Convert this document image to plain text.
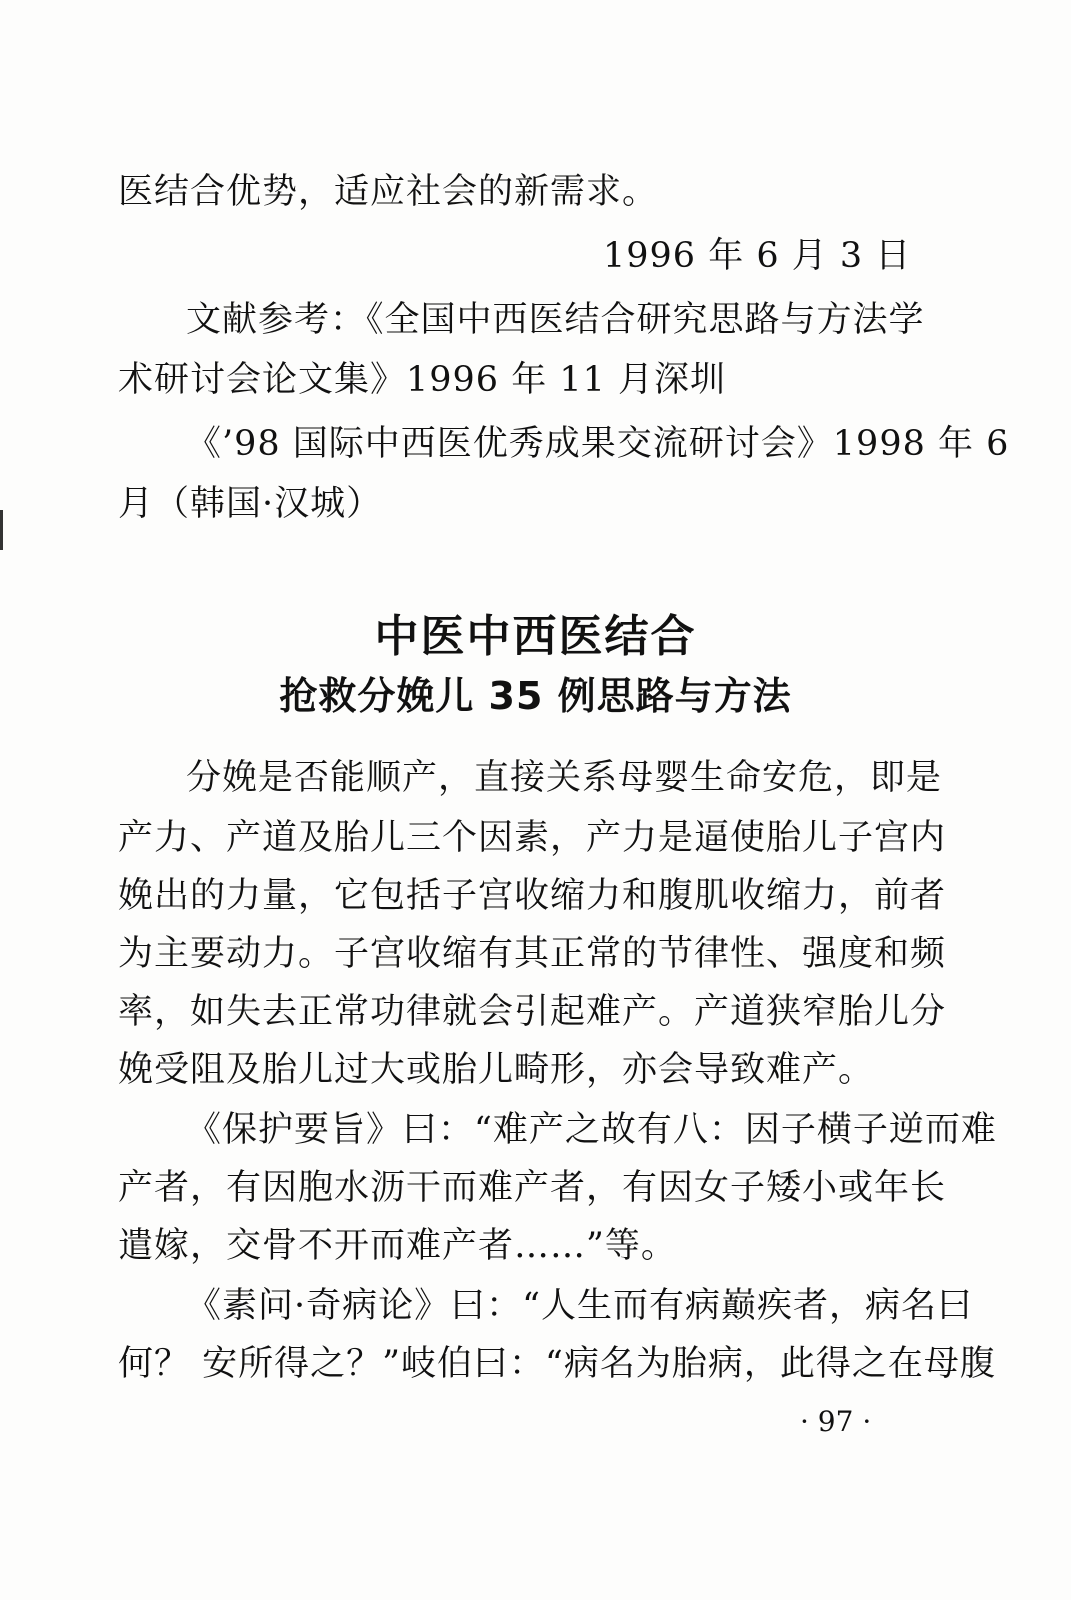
医结合优势，适应社会的新需求。
1996 年 6 月 3 日
文献参考：《全国中西医结合研究思路与方法学
术研讨会论文集》1996 年 11 月深圳
《’98 国际中西医优秀成果交流研讨会》1998 年 6
月（韩国·汉城）
中医中西医结合
抢救分娩儿 35 例思路与方法
分娩是否能顺产，直接关系母婴生命安危，即是
产力、产道及胎儿三个因素，产力是逼使胎儿子宫内
娩出的力量，它包括子宫收缩力和腹肌收缩力，前者
为主要动力。子宫收缩有其正常的节律性、强度和频
率，如失去正常功律就会引起难产。产道狭窄胎儿分
娩受阻及胎儿过大或胎儿畸形，亦会导致难产。
《保护要旨》曰：“难产之故有八：因子横子逆而难
产者，有因胞水沥干而难产者，有因女子矮小或年长
遣嫁，交骨不开而难产者……”等。
《素问·奇病论》曰：“人生而有病巅疾者，病名曰
何？ 安所得之？”岐伯曰：“病名为胎病，此得之在母腹
· 97 ·
